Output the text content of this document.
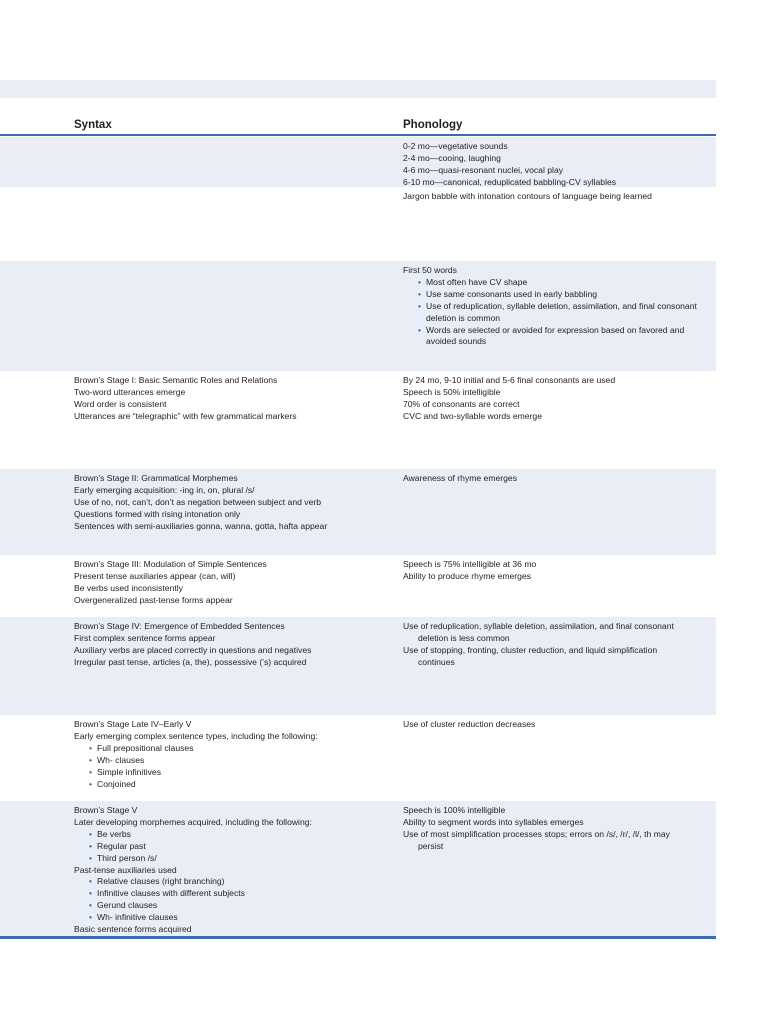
Syntax	Phonology
0-2 mo—vegetative sounds
2-4 mo—cooing, laughing
4-6 mo—quasi-resonant nuclei, vocal play
6-10 mo—canonical, reduplicated babbling-CV syllables
Jargon babble with intonation contours of language being learned
First 50 words
• Most often have CV shape
• Use same consonants used in early babbling
• Use of reduplication, syllable deletion, assimilation, and final consonant deletion is common
• Words are selected or avoided for expression based on favored and avoided sounds
Brown’s Stage I: Basic Semantic Roles and Relations
Two-word utterances emerge
Word order is consistent
Utterances are “telegraphic” with few grammatical markers
By 24 mo, 9-10 initial and 5-6 final consonants are used
Speech is 50% intelligible
70% of consonants are correct
CVC and two-syllable words emerge
Brown’s Stage II: Grammatical Morphemes
Early emerging acquisition: -ing in, on, plural /s/
Use of no, not, can’t, don’t as negation between subject and verb
Questions formed with rising intonation only
Sentences with semi-auxiliaries gonna, wanna, gotta, hafta appear
Awareness of rhyme emerges
Brown’s Stage III: Modulation of Simple Sentences
Present tense auxiliaries appear (can, will)
Be verbs used inconsistently
Overgeneralized past-tense forms appear
Speech is 75% intelligible at 36 mo
Ability to produce rhyme emerges
Brown’s Stage IV: Emergence of Embedded Sentences
First complex sentence forms appear
Auxiliary verbs are placed correctly in questions and negatives
Irregular past tense, articles (a, the), possessive (’s) acquired
Use of reduplication, syllable deletion, assimilation, and final consonant
deletion is less common
Use of stopping, fronting, cluster reduction, and liquid simplification
continues
Brown’s Stage Late IV–Early V
Early emerging complex sentence types, including the following:
• Full prepositional clauses
• Wh- clauses
• Simple infinitives
• Conjoined
Use of cluster reduction decreases
Brown’s Stage V
Later developing morphemes acquired, including the following:
• Be verbs
• Regular past
• Third person /s/
Past-tense auxiliaries used
• Relative clauses (right branching)
• Infinitive clauses with different subjects
• Gerund clauses
• Wh- infinitive clauses
Basic sentence forms acquired
Speech is 100% intelligible
Ability to segment words into syllables emerges
Use of most simplification processes stops; errors on /s/, /r/, /l/, th may
persist
